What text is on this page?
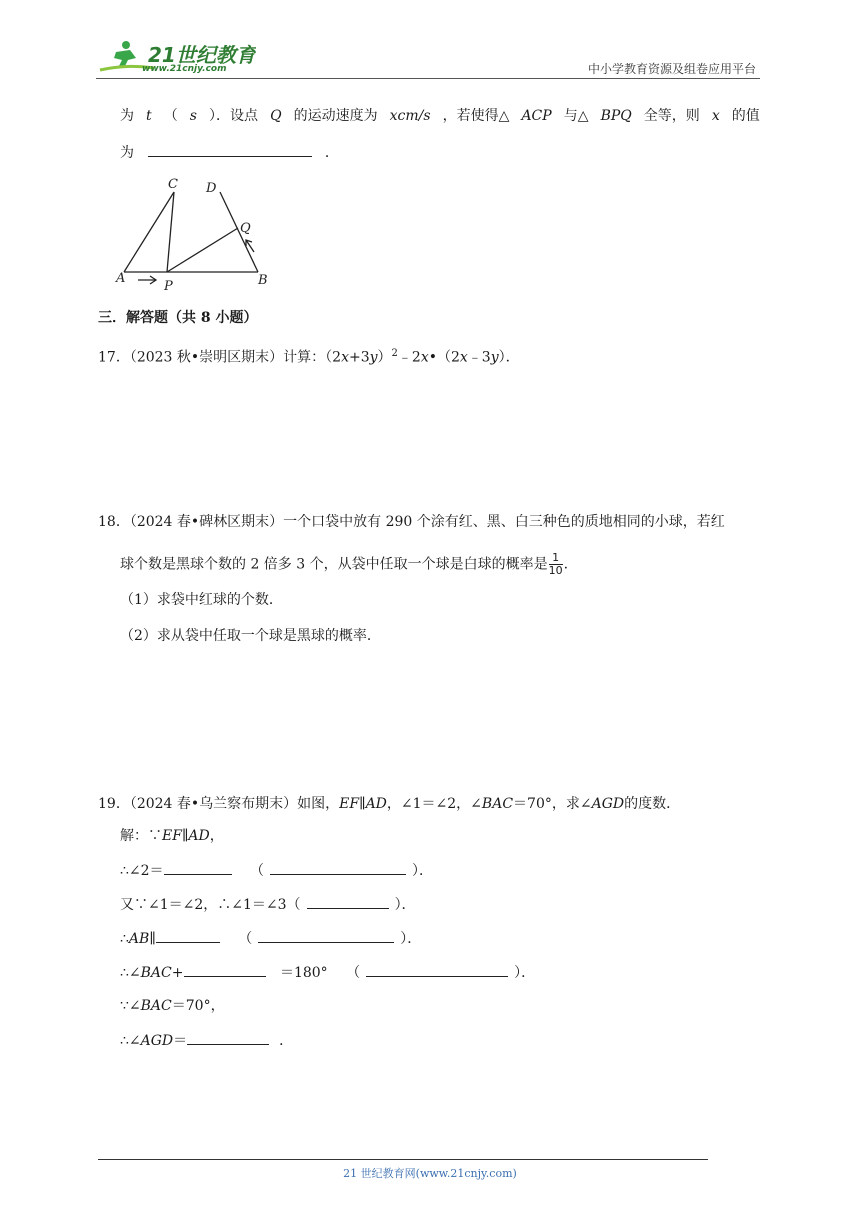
21世纪教育
www.21cnjy.com	中小学教育资源及组卷应用平台
为 t （ s ）．设点 Q 的运动速度为 xcm/s ，若使得△ ACP 与△ BPQ 全等，则 x 的值
为	．
C D
Q
A
P	B
三．解答题（共 8 小题）
17．（2023 秋•崇明区期末）计算：$(2x+3y)^2﹣2x•(2x﹣3y)$．
18．（2024 春•碑林区期末）一个口袋中放有 290 个涂有红、黑、白三种色的质地相同的小球，若红
球个数是黑球个数的 2 倍多 3 个，从袋中任取一个球是白球的概率是 $\frac{1}{10}$ .
（1）求袋中红球的个数．
（2）求从袋中任取一个球是黑球的概率．
19．（2024 春•乌兰察布期末）如图，EF∥AD，∠1＝∠2，∠BAC＝70°，求∠AGD的度数．
解：∵EF∥AD，
∴∠2＝	（	）．
又∵∠1＝∠2，∴∠1＝∠3（	）．
∴AB∥	（	）．
∴∠BAC+	＝180° （	）．
∵∠BAC＝70°，
∴∠AGD＝	．
21 世纪教育网(www.21cnjy.com)
